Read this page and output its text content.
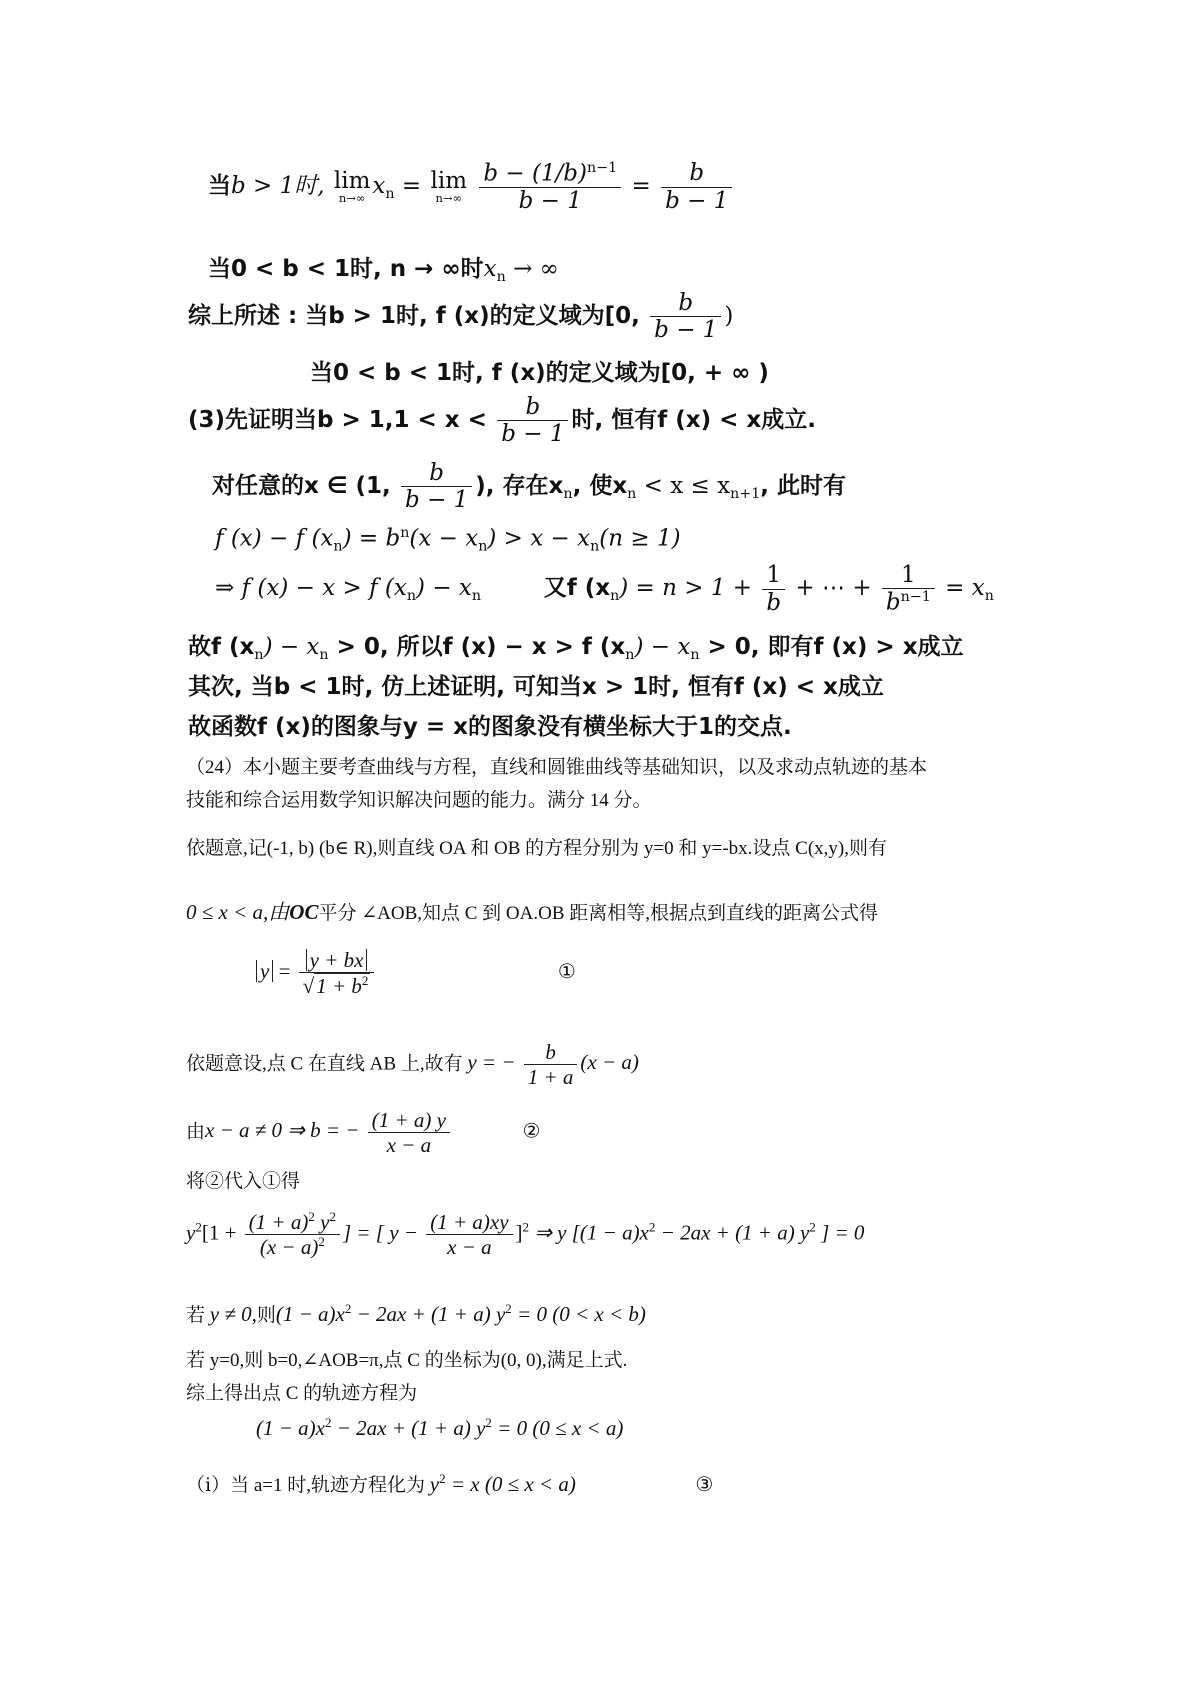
当b > 1时, lim
n→∞ $x_n = \lim$
n→∞
$\frac{b - (1/b)^{n-1}}{b - 1} = \frac{b}{b - 1}$
当0 < b < 1时, n → ∞时$x_n$ → ∞
综上所述 : 当b > 1时, f (x)的定义域为[0, $\frac{b}{b - 1}$ )
当0 < b < 1时, f (x)的定义域为[0, + ∞ )
(3)先证明当$b > 1,1 < x < \frac{b}{b - 1}$ 时, 恒有f (x) < x成立.
对任意的x ∈ (1, $\frac{b}{b - 1}$ ), 存在$x_n$, 使$x_n < x \le x_{n+1}$, 此时有
f (x) − f $(x_n) = b^n(x - x_n) > x - x_n(n \ge 1)$
⇒ f (x) − x > f $(x_n) - x_n$	又f $(x_n) = n > 1 + \frac{1}{b}$ + ⋯ + $\frac{1}{b^{n-1}} = x_n$
故f $(x_n) - x_n > 0$, 所以f (x) − x > f $(x_n) - x_n > 0$, 即有f (x) > x成立
其次, 当b < 1时, 仿上述证明, 可知当x > 1时, 恒有f (x) < x成立
故函数f (x)的图象与y = x的图象没有横坐标大于1的交点.
（24）本小题主要考查曲线与方程，直线和圆锥曲线等基础知识，以及求动点轨迹的基本
技能和综合运用数学知识解决问题的能力。满分 14 分。
依题意,记(-1, b) (b∈ R),则直线 OA 和 OB 的方程分别为 y=0 和 y=-bx.设点 C(x,y),则有
0 ≤ x < a,由OC平分 ∠AOB,知点 C 到 OA.OB 距离相等,根据点到直线的距离公式得
$y = \frac{y + bx}{√1 + b^2}$	①
依题意设,点 C 在直线 AB 上,故有 y = − $\frac{b}{1 + a} (x - a)$
由x − a ≠ 0 ⇒ b = − $\frac{(1 + a) y}{x - a}$	②
将②代入①得
$y^2[1 + \frac{(1 + a)^2 y^2}{(x - a)^2}$ ] = [ $y - \frac{(1 + a)xy}{x - a} ]^2$ ⇒ y [$(1 - a)x^2 - 2ax + (1 + a)$ $y^2$ ] = 0
若 y ≠ 0,则$(1 - a)x^2 - 2ax + (1 + a)$ $y^2 = 0$ (0 < x < b)
若 y=0,则 b=0,∠AOB=π,点 C 的坐标为(0, 0),满足上式.
综上得出点 C 的轨迹方程为
$(1 - a)x^2 - 2ax + (1 + a)$ $y^2 = 0$ (0 ≤ x < a)
（ⅰ）当 a=1 时,轨迹方程化为 $y^2 = x$ (0 ≤ x < a)	③
